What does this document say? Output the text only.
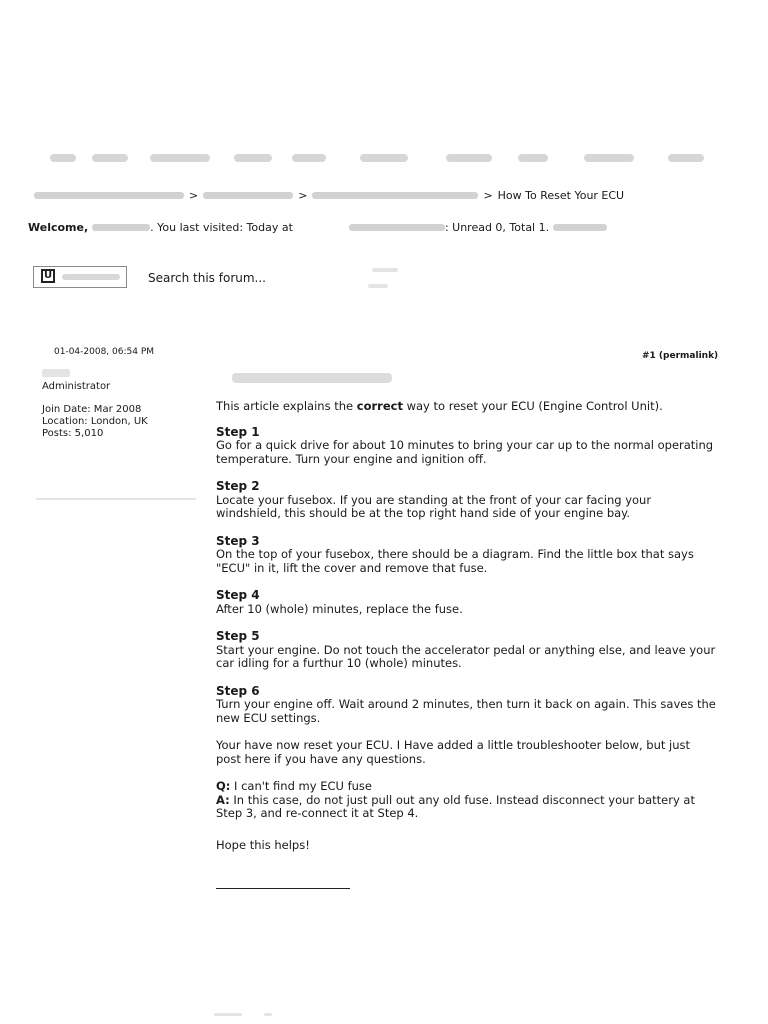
>	>	> How To Reset Your ECU
Welcome,	. You last visited: Today at	: Unread 0, Total 1.
U	Search this forum...
01-04-2008, 06:54 PM	#1 (permalink)
Administrator
Join Date: Mar 2008
Location: London, UK
Posts: 5,010

This article explains the correct way to reset your ECU (Engine Control Unit).

Step 1

Go for a quick drive for about 10 minutes to bring your car up to the normal operating temperature. Turn your engine and ignition off.

Step 2

Locate your fusebox. If you are standing at the front of your car facing your windshield, this should be at the top right hand side of your engine bay.

Step 3

On the top of your fusebox, there should be a diagram. Find the little box that says "ECU" in it, lift the cover and remove that fuse.

Step 4

After 10 (whole) minutes, replace the fuse.

Step 5

Start your engine. Do not touch the accelerator pedal or anything else, and leave your car idling for a furthur 10 (whole) minutes.

Step 6

Turn your engine off. Wait around 2 minutes, then turn it back on again. This saves the new ECU settings.

Your have now reset your ECU. I Have added a little troubleshooter below, but just post here if you have any questions.

Q: I can't find my ECU fuse

A: In this case, do not just pull out any old fuse. Instead disconnect your battery at Step 3, and re-connect it at Step 4.

Hope this helps!
